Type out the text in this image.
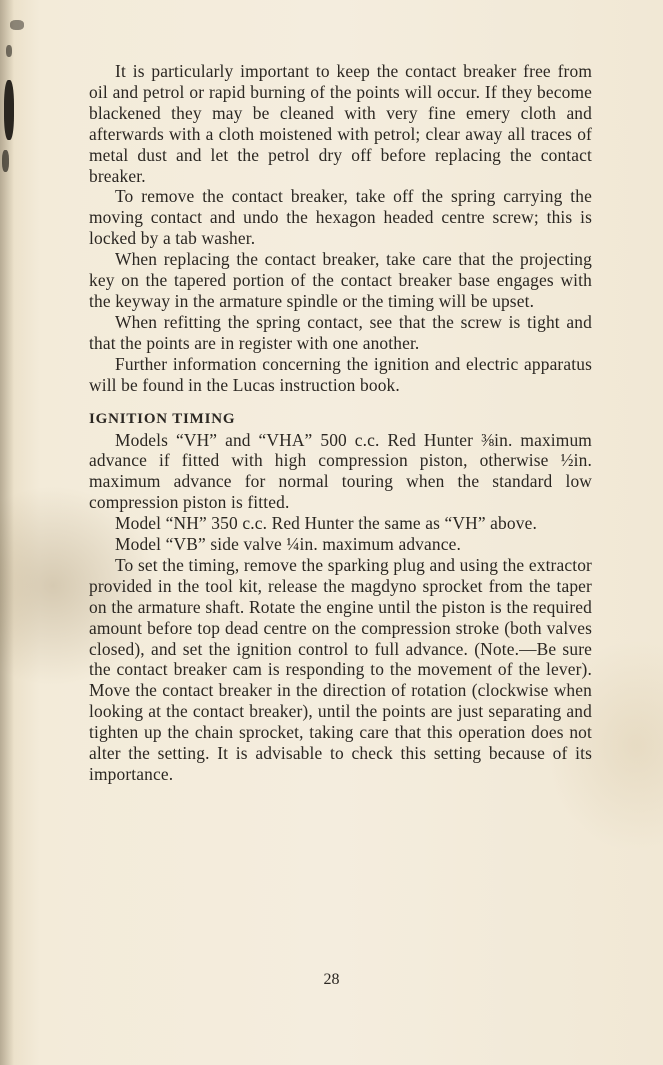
It is particularly important to keep the contact breaker free from oil and petrol or rapid burning of the points will occur. If they become blackened they may be cleaned with very fine emery cloth and afterwards with a cloth moistened with petrol; clear away all traces of metal dust and let the petrol dry off before replacing the contact breaker.

To remove the contact breaker, take off the spring carrying the moving contact and undo the hexagon headed centre screw; this is locked by a tab washer.

When replacing the contact breaker, take care that the projecting key on the tapered portion of the contact breaker base engages with the keyway in the armature spindle or the timing will be upset.

When refitting the spring contact, see that the screw is tight and that the points are in register with one another.

Further information concerning the ignition and electric apparatus will be found in the Lucas instruction book.

IGNITION TIMING

Models “VH” and “VHA” 500 c.c. Red Hunter ⅜in. maximum advance if fitted with high compression piston, otherwise ½in. maximum advance for normal touring when the standard low compression piston is fitted.

Model “NH” 350 c.c. Red Hunter the same as “VH” above.

Model “VB” side valve ¼in. maximum advance.

To set the timing, remove the sparking plug and using the extractor provided in the tool kit, release the magdyno sprocket from the taper on the armature shaft. Rotate the engine until the piston is the required amount before top dead centre on the compression stroke (both valves closed), and set the ignition control to full advance. (Note.—Be sure the contact breaker cam is responding to the movement of the lever). Move the contact breaker in the direction of rotation (clockwise when looking at the contact breaker), until the points are just separating and tighten up the chain sprocket, taking care that this operation does not alter the setting. It is advisable to check this setting because of its importance.

28
